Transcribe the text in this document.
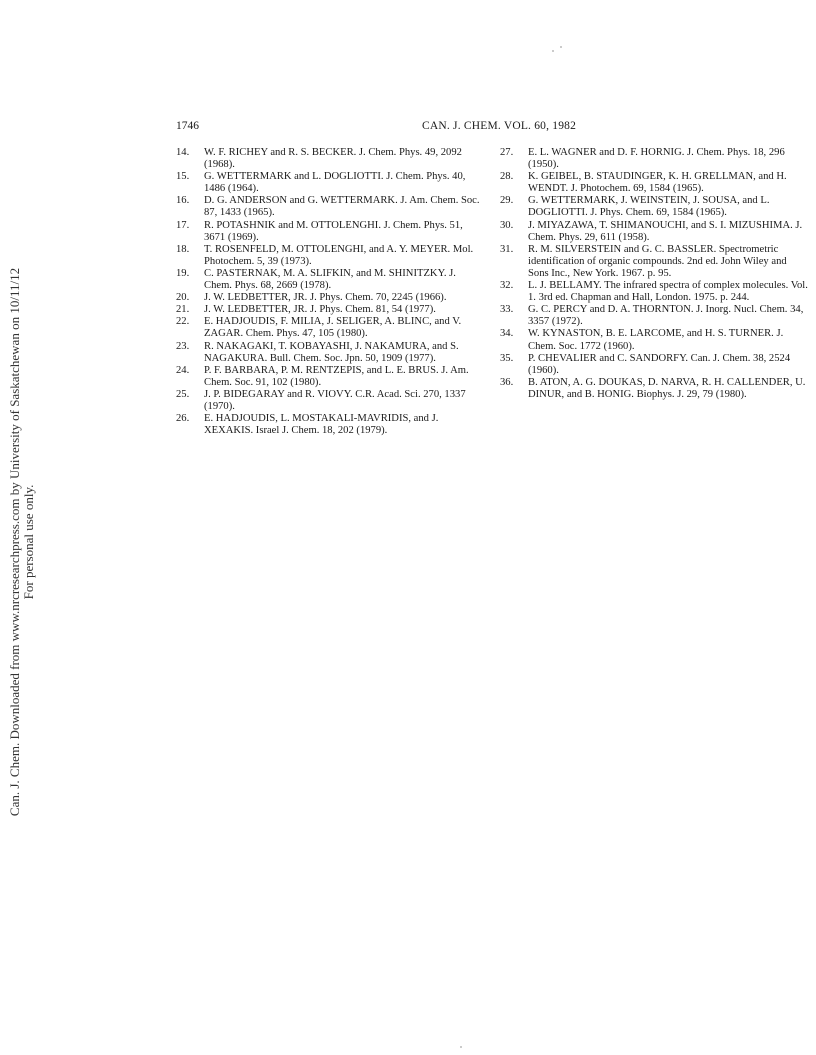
Can. J. Chem. Downloaded from www.nrcresearchpress.com by University of Saskatchewan on 10/11/12 For personal use only.
1746	CAN. J. CHEM. VOL. 60, 1982

14. W. F. RICHEY and R. S. BECKER. J. Chem. Phys. 49, 2092 (1968).

15. G. WETTERMARK and L. DOGLIOTTI. J. Chem. Phys. 40, 1486 (1964).

16. D. G. ANDERSON and G. WETTERMARK. J. Am. Chem. Soc. 87, 1433 (1965).

17. R. POTASHNIK and M. OTTOLENGHI. J. Chem. Phys. 51, 3671 (1969).

18. T. ROSENFELD, M. OTTOLENGHI, and A. Y. MEYER. Mol. Photochem. 5, 39 (1973).

19. C. PASTERNAK, M. A. SLIFKIN, and M. SHINITZKY. J. Chem. Phys. 68, 2669 (1978).

20. J. W. LEDBETTER, JR. J. Phys. Chem. 70, 2245 (1966).

21. J. W. LEDBETTER, JR. J. Phys. Chem. 81, 54 (1977).

22. E. HADJOUDIS, F. MILIA, J. SELIGER, A. BLINC, and V. ZAGAR. Chem. Phys. 47, 105 (1980).

23. R. NAKAGAKI, T. KOBAYASHI, J. NAKAMURA, and S. NAGAKURA. Bull. Chem. Soc. Jpn. 50, 1909 (1977).

24. P. F. BARBARA, P. M. RENTZEPIS, and L. E. BRUS. J. Am. Chem. Soc. 91, 102 (1980).

25. J. P. BIDEGARAY and R. VIOVY. C.R. Acad. Sci. 270, 1337 (1970).

26. E. HADJOUDIS, L. MOSTAKALI-MAVRIDIS, and J. XEXAKIS. Israel J. Chem. 18, 202 (1979).

27. E. L. WAGNER and D. F. HORNIG. J. Chem. Phys. 18, 296 (1950).

28. K. GEIBEL, B. STAUDINGER, K. H. GRELLMAN, and H. WENDT. J. Photochem. 69, 1584 (1965).

29. G. WETTERMARK, J. WEINSTEIN, J. SOUSA, and L. DOGLIOTTI. J. Phys. Chem. 69, 1584 (1965).

30. J. MIYAZAWA, T. SHIMANOUCHI, and S. I. MIZUSHIMA. J. Chem. Phys. 29, 611 (1958).

31. R. M. SILVERSTEIN and G. C. BASSLER. Spectrometric identification of organic compounds. 2nd ed. John Wiley and Sons Inc., New York. 1967. p. 95.

32. L. J. BELLAMY. The infrared spectra of complex molecules. Vol. 1. 3rd ed. Chapman and Hall, London. 1975. p. 244.

33. G. C. PERCY and D. A. THORNTON. J. Inorg. Nucl. Chem. 34, 3357 (1972).

34. W. KYNASTON, B. E. LARCOME, and H. S. TURNER. J. Chem. Soc. 1772 (1960).

35. P. CHEVALIER and C. SANDORFY. Can. J. Chem. 38, 2524 (1960).

36. B. ATON, A. G. DOUKAS, D. NARVA, R. H. CALLENDER, U. DINUR, and B. HONIG. Biophys. J. 29, 79 (1980).
